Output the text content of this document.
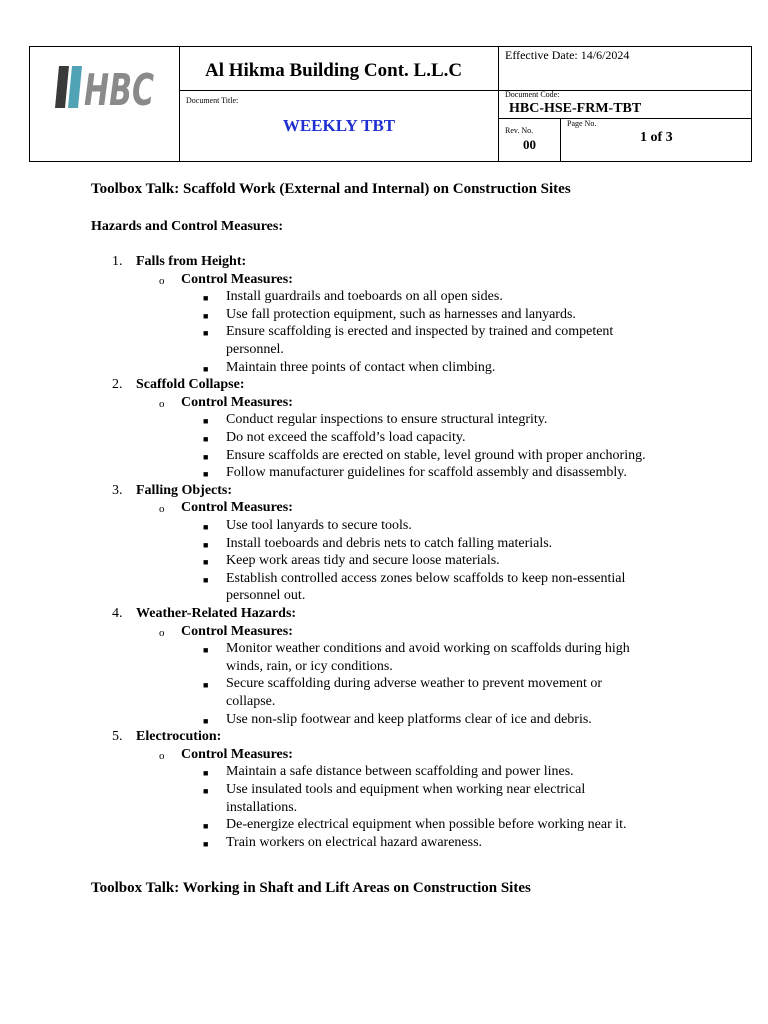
HBC	Al Hikma Building Cont. L.L.C
Document Title:
WEEKLY TBT
Effective Date: 14/6/2024
Document Code:
HBC-HSE-FRM-TBT
Rev. No.
00
Page No.
1 of 3
Toolbox Talk: Scaffold Work (External and Internal) on Construction Sites
Hazards and Control Measures:
1. Falls from Height:
o Control Measures:
■ Install guardrails and toeboards on all open sides.
■ Use fall protection equipment, such as harnesses and lanyards.
■ Ensure scaffolding is erected and inspected by trained and competent
personnel.
■ Maintain three points of contact when climbing.
2. Scaffold Collapse:
o Control Measures:
■ Conduct regular inspections to ensure structural integrity.
■ Do not exceed the scaffold’s load capacity.
■ Ensure scaffolds are erected on stable, level ground with proper anchoring.
■ Follow manufacturer guidelines for scaffold assembly and disassembly.
3. Falling Objects:
o Control Measures:
■ Use tool lanyards to secure tools.
■ Install toeboards and debris nets to catch falling materials.
■ Keep work areas tidy and secure loose materials.
■ Establish controlled access zones below scaffolds to keep non-essential
personnel out.
4. Weather-Related Hazards:
o Control Measures:
■ Monitor weather conditions and avoid working on scaffolds during high
winds, rain, or icy conditions.
■ Secure scaffolding during adverse weather to prevent movement or
collapse.
■ Use non-slip footwear and keep platforms clear of ice and debris.
5. Electrocution:
o Control Measures:
■ Maintain a safe distance between scaffolding and power lines.
■ Use insulated tools and equipment when working near electrical
installations.
■ De-energize electrical equipment when possible before working near it.
■ Train workers on electrical hazard awareness.
Toolbox Talk: Working in Shaft and Lift Areas on Construction Sites
